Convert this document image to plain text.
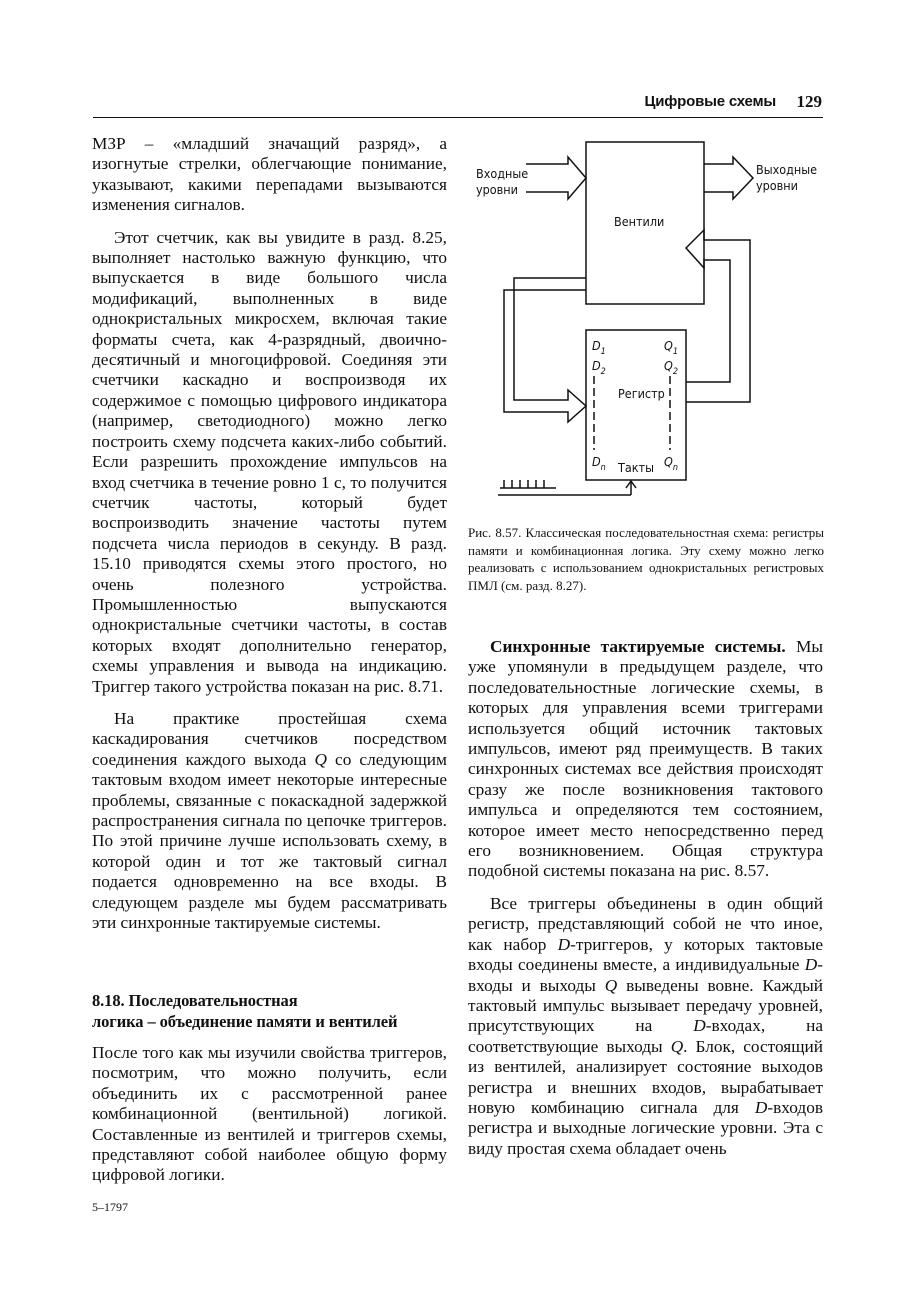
Цифровые схемы	129

МЗР – «младший значащий разряд», а изогнутые стрелки, облегчающие понимание, указывают, какими перепадами вызываются изменения сигналов.

Этот счетчик, как вы увидите в разд. 8.25, выполняет настолько важную функцию, что выпускается в виде большого числа модификаций, выполненных в виде однокристальных микросхем, включая такие форматы счета, как 4-разрядный, двоично-десятичный и многоцифровой. Соединяя эти счетчики каскадно и воспроизводя их содержимое с помощью цифрового индикатора (например, светодиодного) можно легко построить схему подсчета каких-либо событий. Если разрешить прохождение импульсов на вход счетчика в течение ровно 1 с, то получится счетчик частоты, который будет воспроизводить значение частоты путем подсчета числа периодов в секунду. В разд. 15.10 приводятся схемы этого простого, но очень полезного устройства. Промышленностью выпускаются однокристальные счетчики частоты, в состав которых входят дополнительно генератор, схемы управления и вывода на индикацию. Триггер такого устройства показан на рис. 8.71.

На практике простейшая схема каскадирования счетчиков посредством соединения каждого выхода Q со следующим тактовым входом имеет некоторые интересные проблемы, связанные с покаскадной задержкой распространения сигнала по цепочке триггеров. По этой причине лучше использовать схему, в которой один и тот же тактовый сигнал подается одновременно на все входы. В следующем разделе мы будем рассматривать эти синхронные тактируемые системы.

8.18. Последовательностная
логика – объединение памяти и вентилей

После того как мы изучили свойства триггеров, посмотрим, что можно получить, если объединить их с рассмотренной ранее комбинационной (вентильной) логикой. Составленные из вентилей и триггеров схемы, представляют собой наиболее общую форму цифровой логики.

Входные
уровни
Выходные
уровни
Вентили
Регистр
Такты
$D_1$
$D_2$
$D_n$
$Q_1$
$Q_2$
$Q_n$
Рис. 8.57. Классическая последовательностная схема: регистры памяти и комбинационная логика. Эту схему можно легко реализовать с использованием однокристальных регистровых ПМЛ (см. разд. 8.27).

Синхронные тактируемые системы. Мы уже упомянули в предыдущем разделе, что последовательностные логические схемы, в которых для управления всеми триггерами используется общий источник тактовых импульсов, имеют ряд преимуществ. В таких синхронных системах все действия происходят сразу же после возникновения тактового импульса и определяются тем состоянием, которое имеет место непосредственно перед его возникновением. Общая структура подобной системы показана на рис. 8.57.

Все триггеры объединены в один общий регистр, представляющий собой не что иное, как набор D-триггеров, у которых тактовые входы соединены вместе, а индивидуальные D-входы и выходы Q выведены вовне. Каждый тактовый импульс вызывает передачу уровней, присутствующих на D-входах, на соответствующие выходы Q. Блок, состоящий из вентилей, анализирует состояние выходов регистра и внешних входов, вырабатывает новую комбинацию сигнала для D-входов регистра и выходные логические уровни. Эта с виду простая схема обладает очень

5–1797
